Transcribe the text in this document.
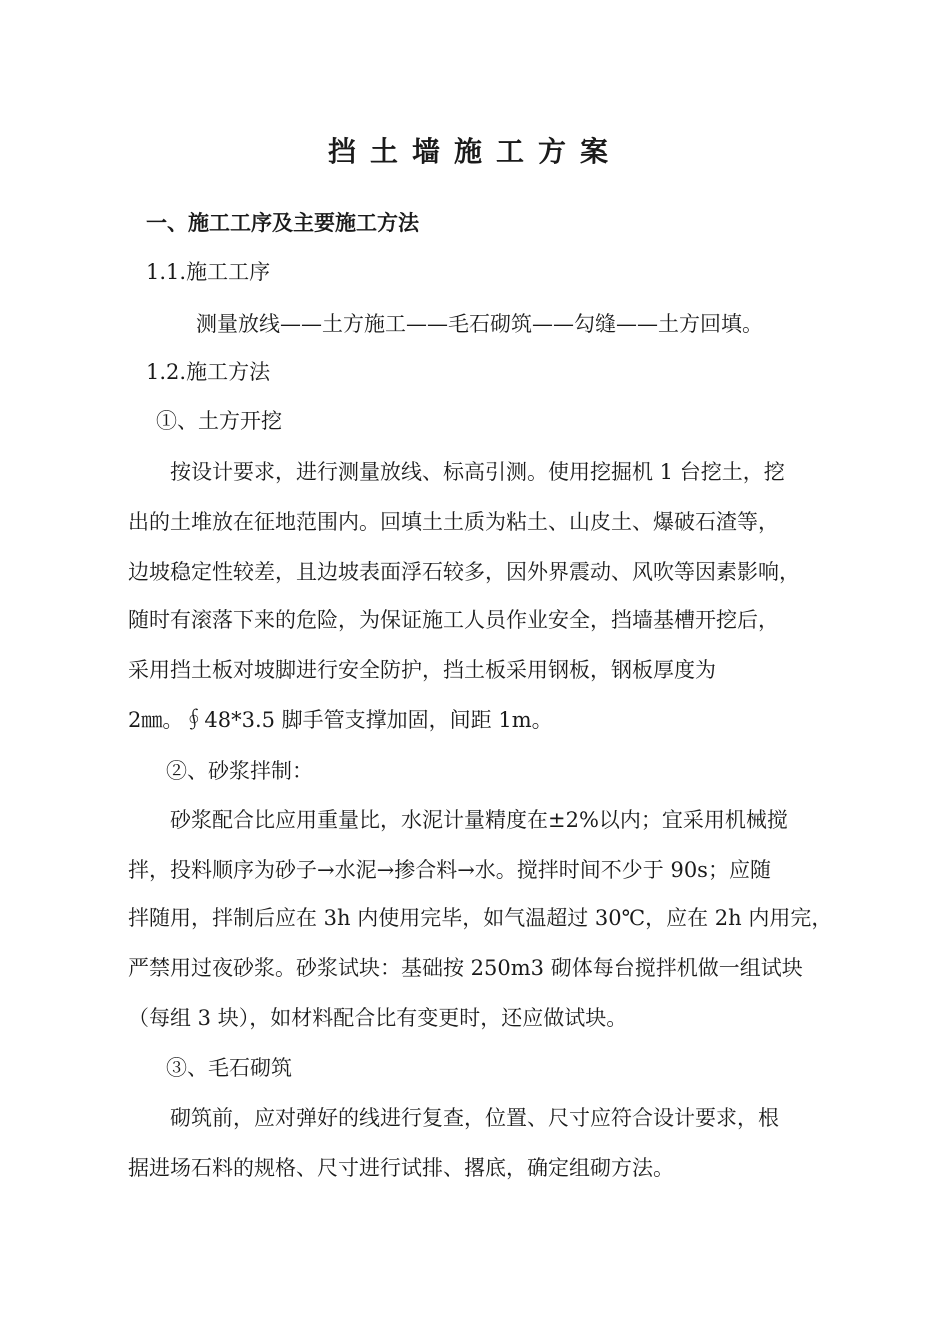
挡土墙施工方案
一、施工工序及主要施工方法
1.1.施工工序
测量放线——土方施工——毛石砌筑——勾缝——土方回填。
1.2.施工方法
①、土方开挖
按设计要求，进行测量放线、标高引测。使用挖掘机 1 台挖土，挖
出的土堆放在征地范围内。回填土土质为粘土、山皮土、爆破石渣等，
边坡稳定性较差，且边坡表面浮石较多，因外界震动、风吹等因素影响，
随时有滚落下来的危险，为保证施工人员作业安全，挡墙基槽开挖后，
采用挡土板对坡脚进行安全防护，挡土板采用钢板，钢板厚度为
2㎜。∮48*3.5 脚手管支撑加固，间距 1m。
②、砂浆拌制：
砂浆配合比应用重量比，水泥计量精度在±2%以内；宜采用机械搅
拌，投料顺序为砂子→水泥→掺合料→水。搅拌时间不少于 90s；应随
拌随用，拌制后应在 3h 内使用完毕，如气温超过 30℃，应在 2h 内用完，
严禁用过夜砂浆。砂浆试块：基础按 250m3 砌体每台搅拌机做一组试块
（每组 3 块），如材料配合比有变更时，还应做试块。
③、毛石砌筑
砌筑前，应对弹好的线进行复查，位置、尺寸应符合设计要求，根
据进场石料的规格、尺寸进行试排、撂底，确定组砌方法。
